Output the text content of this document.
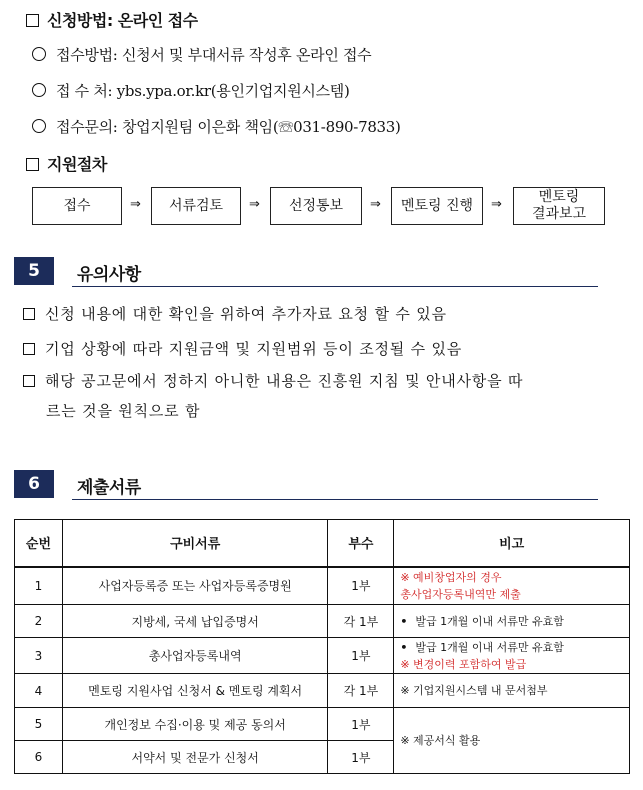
신청방법: 온라인 접수
접수방법: 신청서 및 부대서류 작성후 온라인 접수
접 수 처: ybs.ypa.or.kr(용인기업지원시스템)
접수문의: 창업지원팀 이은화 책임(☏031-890-7833)
지원절차
접수	⇒	서류검토	⇒	선정통보	⇒	멘토링 진행	⇒	멘토링
결과보고
5	유의사항
신청 내용에 대한 확인을 위하여 추가자료 요청 할 수 있음
기업 상황에 따라 지원금액 및 지원범위 등이 조정될 수 있음
해당 공고문에서 정하지 아니한 내용은 진흥원 지침 및 안내사항을 따
르는 것을 원칙으로 함
6	제출서류
순번	구비서류	부수	비고
1	사업자등록증 또는 사업자등록증명원	1부	※ 예비창업자의 경우
총사업자등록내역만 제출
2	지방세, 국세 납입증명서	각 1부	• 발급 1개월 이내 서류만 유효함
3	총사업자등록내역	1부	• 발급 1개월 이내 서류만 유효함
※ 변경이력 포함하여 발급
4	멘토링 지원사업 신청서 & 멘토링 계획서	각 1부	※ 기업지원시스템 내 문서첨부
5	개인정보 수집·이용 및 제공 동의서	1부	※ 제공서식 활용
6	서약서 및 전문가 신청서	1부	
